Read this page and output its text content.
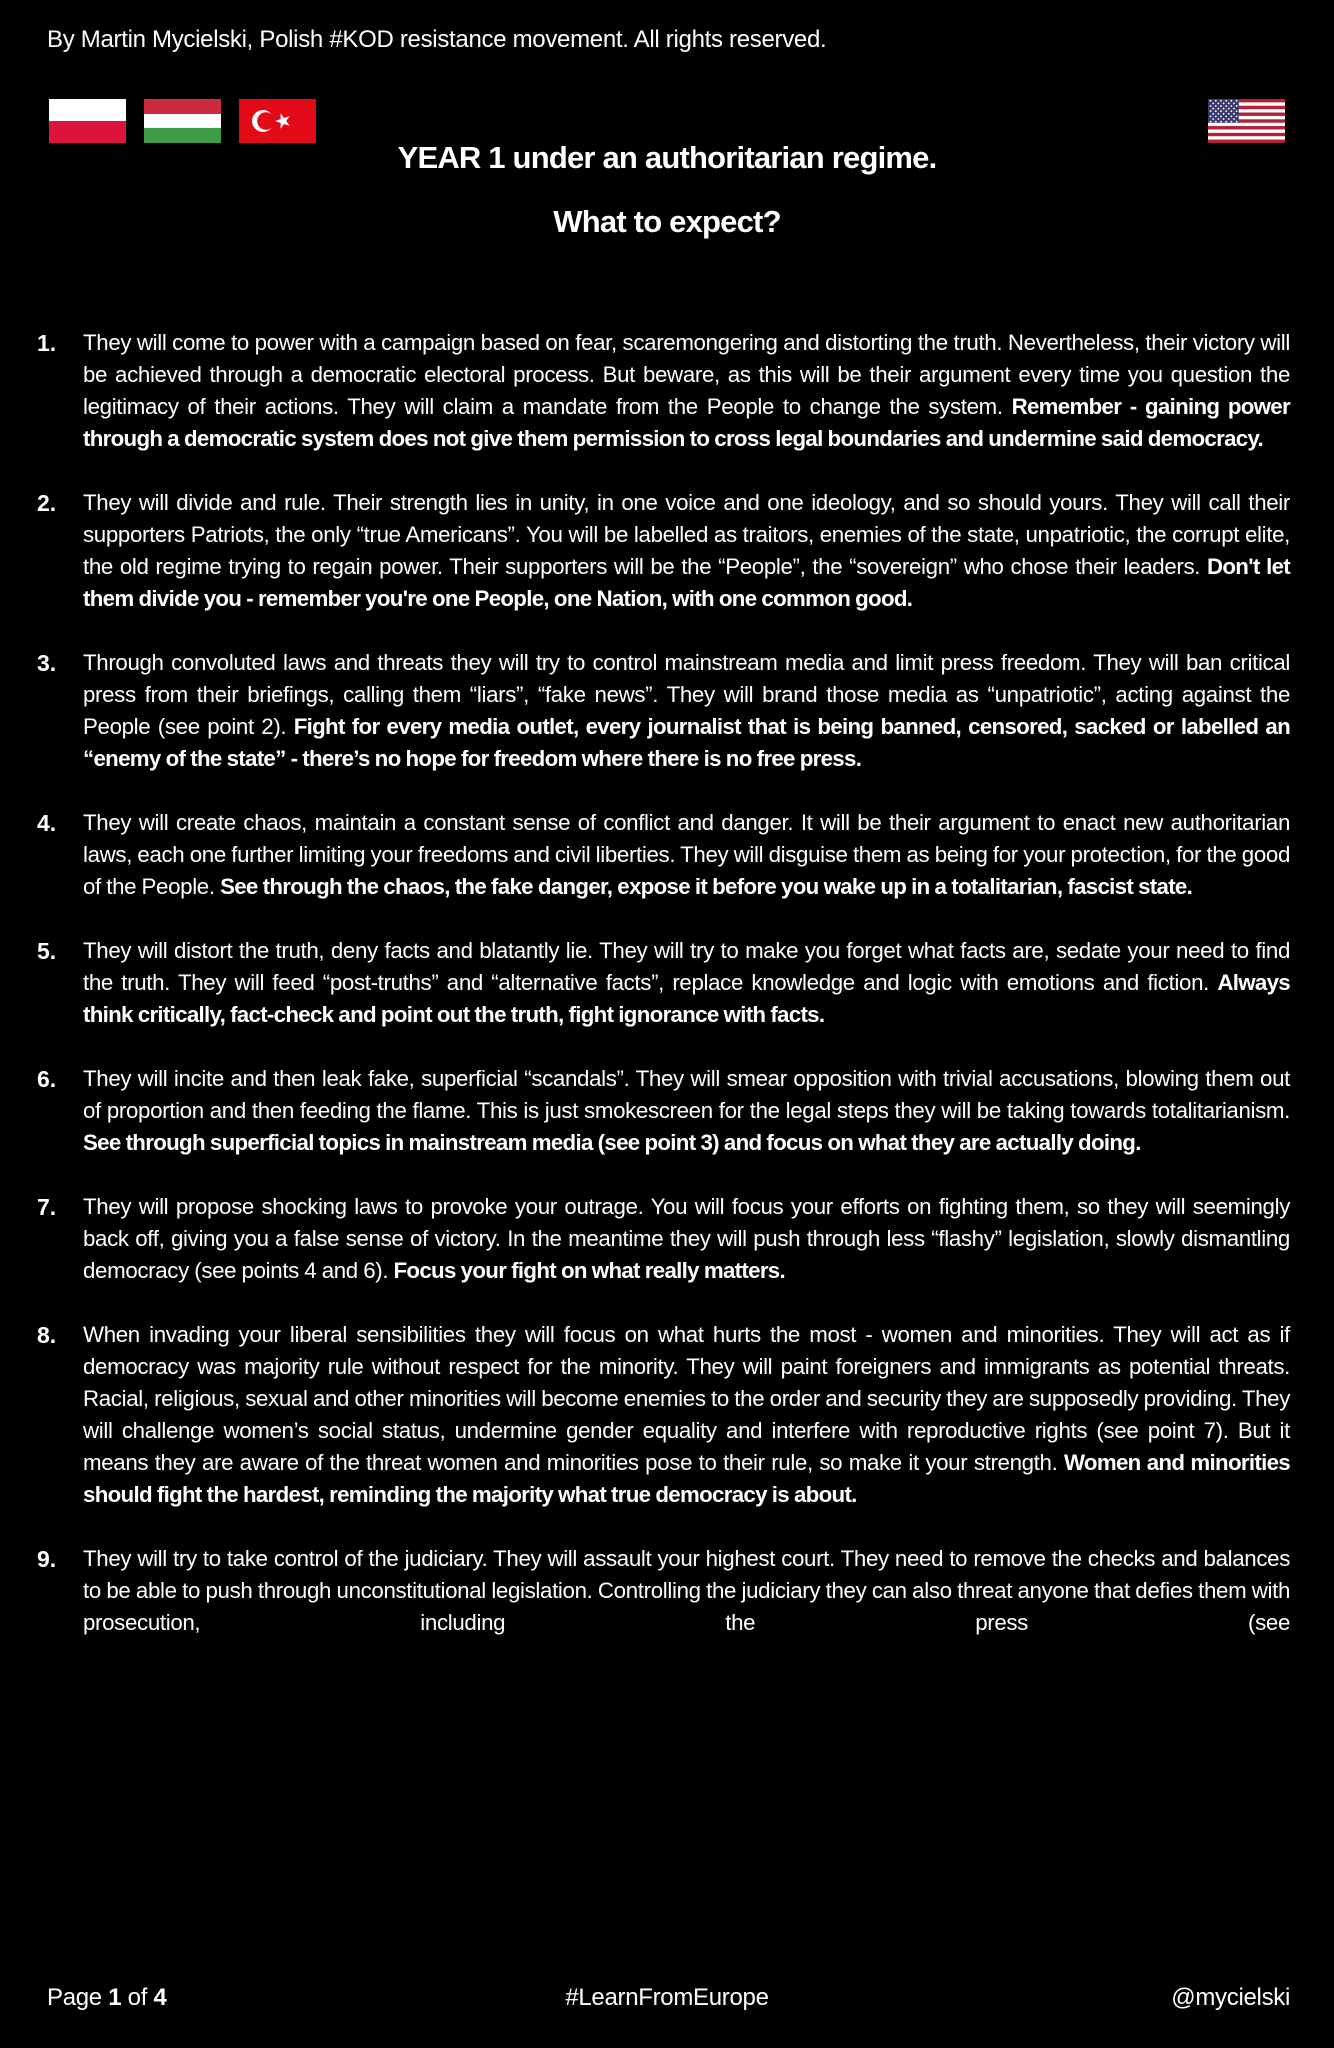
By Martin Mycielski, Polish #KOD resistance movement. All rights reserved.
YEAR 1 under an authoritarian regime.
What to expect?
1.	They will come to power with a campaign based on fear, scaremongering and distorting the truth. Nevertheless, their victory will be achieved through a democratic electoral process. But beware, as this will be their argument every time you question the legitimacy of their actions. They will claim a mandate from the People to change the system. Remember - gaining power through a democratic system does not give them permission to cross legal boundaries and undermine said democracy.
2.	They will divide and rule. Their strength lies in unity, in one voice and one ideology, and so should yours. They will call their supporters Patriots, the only “true Americans”. You will be labelled as traitors, enemies of the state, unpatriotic, the corrupt elite, the old regime trying to regain power. Their supporters will be the “People”, the “sovereign” who chose their leaders. Don't let them divide you - remember you're one People, one Nation, with one common good.
3.	Through convoluted laws and threats they will try to control mainstream media and limit press freedom. They will ban critical press from their briefings, calling them “liars”, “fake news”. They will brand those media as “unpatriotic”, acting against the People (see point 2). Fight for every media outlet, every journalist that is being banned, censored, sacked or labelled an “enemy of the state” - there’s no hope for freedom where there is no free press.
4.	They will create chaos, maintain a constant sense of conflict and danger. It will be their argument to enact new authoritarian laws, each one further limiting your freedoms and civil liberties. They will disguise them as being for your protection, for the good of the People. See through the chaos, the fake danger, expose it before you wake up in a totalitarian, fascist state.
5.	They will distort the truth, deny facts and blatantly lie. They will try to make you forget what facts are, sedate your need to find the truth. They will feed “post-truths” and “alternative facts”, replace knowledge and logic with emotions and fiction. Always think critically, fact-check and point out the truth, fight ignorance with facts.
6.	They will incite and then leak fake, superficial “scandals”. They will smear opposition with trivial accusations, blowing them out of proportion and then feeding the flame. This is just smokescreen for the legal steps they will be taking towards totalitarianism. See through superficial topics in mainstream media (see point 3) and focus on what they are actually doing.
7.	They will propose shocking laws to provoke your outrage. You will focus your efforts on fighting them, so they will seemingly back off, giving you a false sense of victory. In the meantime they will push through less “flashy” legislation, slowly dismantling democracy (see points 4 and 6). Focus your fight on what really matters.
8.	When invading your liberal sensibilities they will focus on what hurts the most - women and minorities. They will act as if democracy was majority rule without respect for the minority. They will paint foreigners and immigrants as potential threats. Racial, religious, sexual and other minorities will become enemies to the order and security they are supposedly providing. They will challenge women’s social status, undermine gender equality and interfere with reproductive rights (see point 7). But it means they are aware of the threat women and minorities pose to their rule, so make it your strength. Women and minorities should fight the hardest, reminding the majority what true democracy is about.
9.	They will try to take control of the judiciary. They will assault your highest court. They need to remove the checks and balances to be able to push through unconstitutional legislation. Controlling the judiciary they can also threat anyone that defies them with prosecution, including the press (see
Page 1 of 4	#LearnFromEurope	@mycielski
